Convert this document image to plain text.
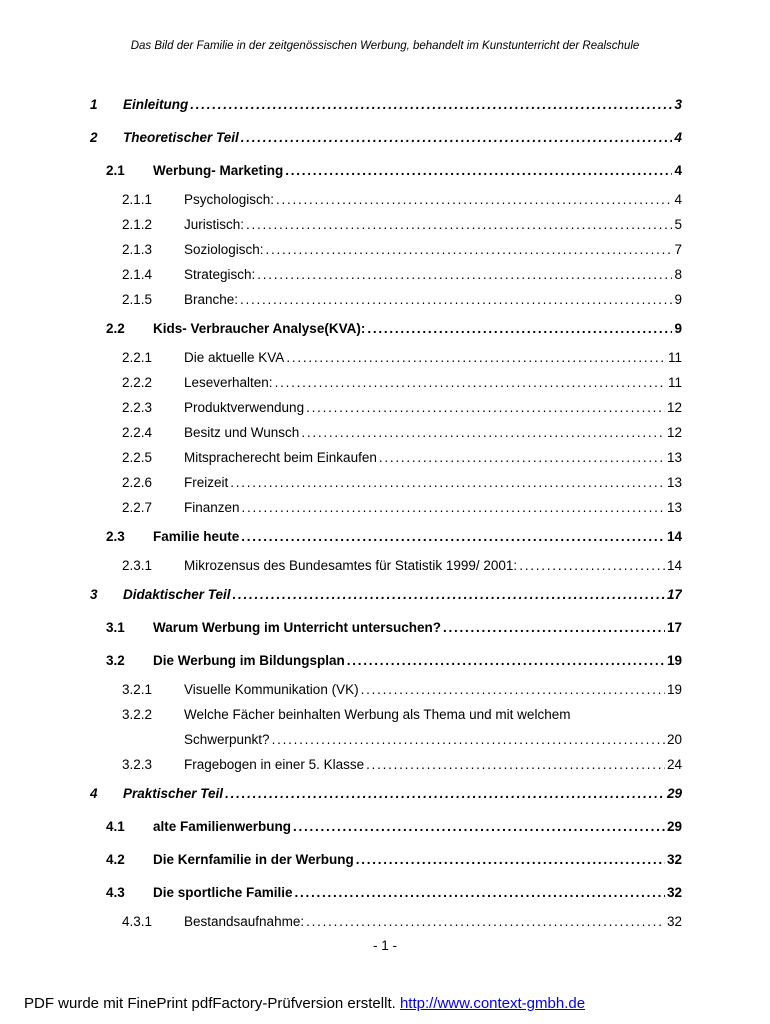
Das Bild der Familie in der zeitgenössischen Werbung, behandelt im Kunstunterricht der Realschule
1	Einleitung . . .	3
2	Theoretischer Teil . . .	4
2.1	Werbung- Marketing . . .	4
2.1.1	Psychologisch: . . .	4
2.1.2	Juristisch: . . .	5
2.1.3	Soziologisch: . . .	7
2.1.4	Strategisch: . . .	8
2.1.5	Branche: . . .	9
2.2	Kids- Verbraucher Analyse(KVA): . . .	9
2.2.1	Die aktuelle KVA . . .	11
2.2.2	Leseverhalten: . . .	11
2.2.3	Produktverwendung . . .	12
2.2.4	Besitz und Wunsch . . .	12
2.2.5	Mitspracherecht beim Einkaufen . . .	13
2.2.6	Freizeit . . .	13
2.2.7	Finanzen . . .	13
2.3	Familie heute . . .	14
2.3.1	Mikrozensus des Bundesamtes für Statistik 1999/ 2001: . . .	14
3	Didaktischer Teil . . .	17
3.1	Warum Werbung im Unterricht untersuchen? . . .	17
3.2	Die Werbung im Bildungsplan . . .	19
3.2.1	Visuelle Kommunikation (VK) . . .	19
3.2.2	Welche Fächer beinhalten Werbung als Thema und mit welchem
Schwerpunkt? . . .	20
3.2.3	Fragebogen in einer 5. Klasse . . .	24
4	Praktischer Teil . . .	29
4.1	alte Familienwerbung . . .	29
4.2	Die Kernfamilie in der Werbung . . .	32
4.3	Die sportliche Familie . . .	32
4.3.1	Bestandsaufnahme: . . .	32
- 1 -
PDF wurde mit FinePrint pdfFactory-Prüfversion erstellt. http://www.context-gmbh.de
